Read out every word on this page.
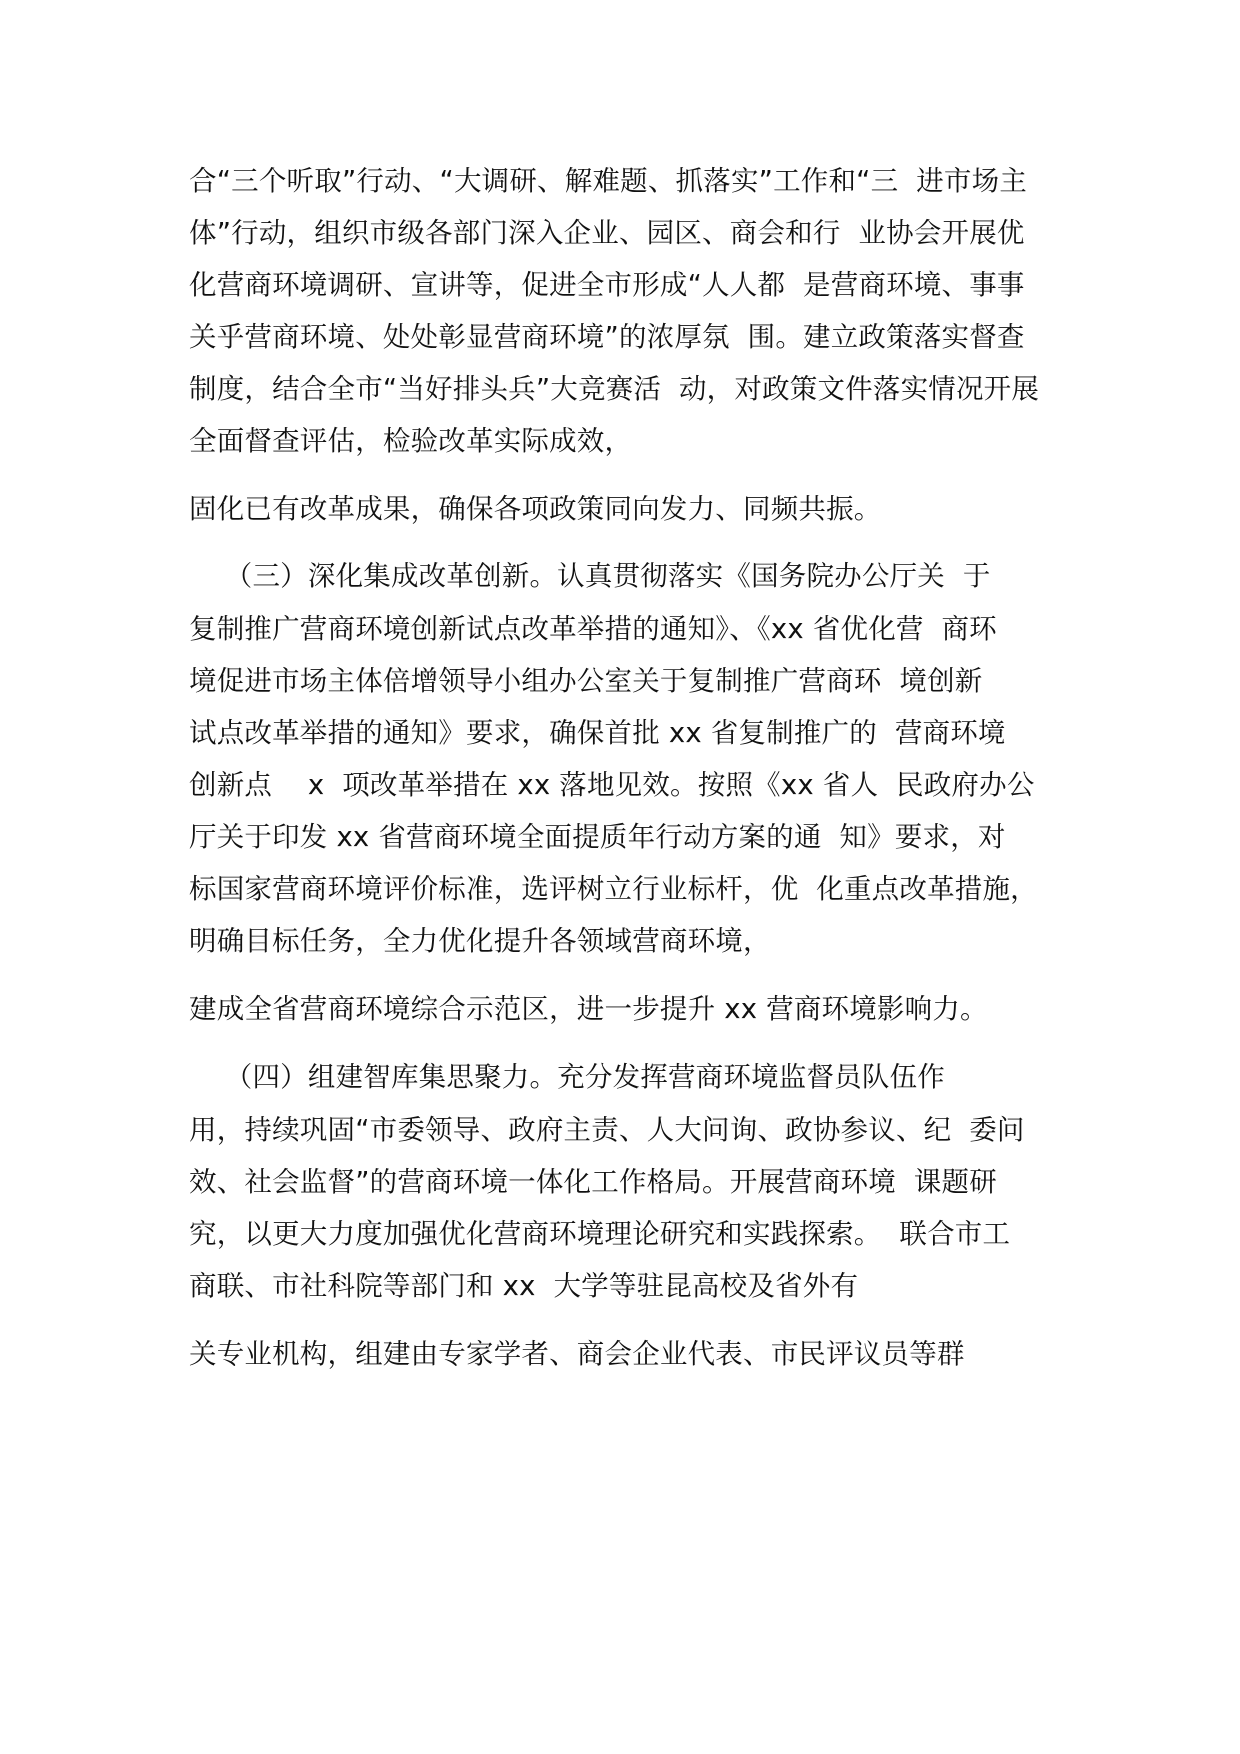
合“三个听取”行动、“大调研、解难题、抓落实”工作和“三  进市场主
体”行动，组织市级各部门深入企业、园区、商会和行  业协会开展优
化营商环境调研、宣讲等，促进全市形成“人人都  是营商环境、事事
关乎营商环境、处处彰显营商环境”的浓厚氛  围。建立政策落实督查
制度，结合全市“当好排头兵”大竞赛活  动，对政策文件落实情况开展
全面督查评估，检验改革实际成效，
固化已有改革成果，确保各项政策同向发力、同频共振。
（三）深化集成改革创新。认真贯彻落实《国务院办公厅关  于
复制推广营商环境创新试点改革举措的通知》、《xx 省优化营  商环
境促进市场主体倍增领导小组办公室关于复制推广营商环  境创新
试点改革举措的通知》要求，确保首批 xx 省复制推广的  营商环境
创新点    x  项改革举措在 xx 落地见效。按照《xx 省人  民政府办公
厅关于印发 xx 省营商环境全面提质年行动方案的通  知》要求，对
标国家营商环境评价标准，选评树立行业标杆，优  化重点改革措施，
明确目标任务，全力优化提升各领域营商环境，
建成全省营商环境综合示范区，进一步提升 xx 营商环境影响力。
（四）组建智库集思聚力。充分发挥营商环境监督员队伍作
用，持续巩固“市委领导、政府主责、人大问询、政协参议、纪  委问
效、社会监督”的营商环境一体化工作格局。开展营商环境  课题研
究，以更大力度加强优化营商环境理论研究和实践探索。  联合市工
商联、市社科院等部门和 xx  大学等驻昆高校及省外有
关专业机构，组建由专家学者、商会企业代表、市民评议员等群
